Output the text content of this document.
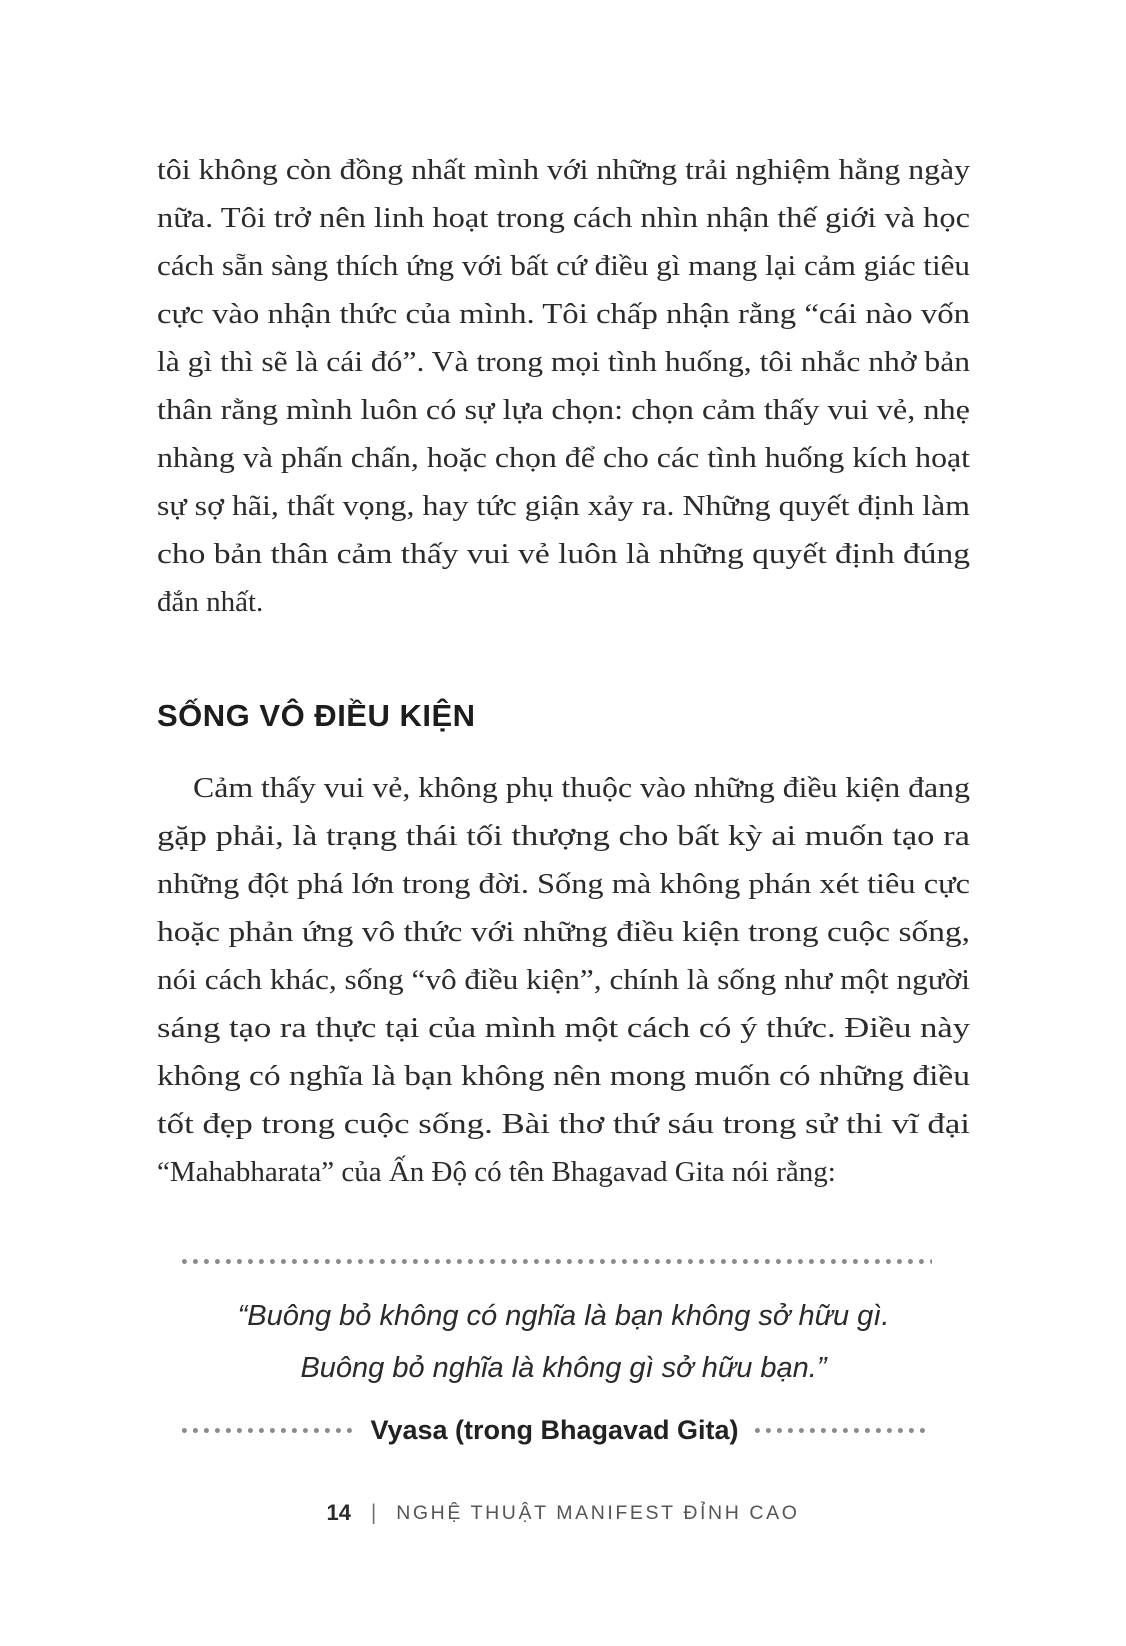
tôi không còn đồng nhất mình với những trải nghiệm hằng ngày
nữa. Tôi trở nên linh hoạt trong cách nhìn nhận thế giới và học
cách sẵn sàng thích ứng với bất cứ điều gì mang lại cảm giác tiêu
cực vào nhận thức của mình. Tôi chấp nhận rằng “cái nào vốn
là gì thì sẽ là cái đó”. Và trong mọi tình huống, tôi nhắc nhở bản
thân rằng mình luôn có sự lựa chọn: chọn cảm thấy vui vẻ, nhẹ
nhàng và phấn chấn, hoặc chọn để cho các tình huống kích hoạt
sự sợ hãi, thất vọng, hay tức giận xảy ra. Những quyết định làm
cho bản thân cảm thấy vui vẻ luôn là những quyết định đúng
đắn nhất.
SỐNG VÔ ĐIỀU KIỆN
Cảm thấy vui vẻ, không phụ thuộc vào những điều kiện đang
gặp phải, là trạng thái tối thượng cho bất kỳ ai muốn tạo ra
những đột phá lớn trong đời. Sống mà không phán xét tiêu cực
hoặc phản ứng vô thức với những điều kiện trong cuộc sống,
nói cách khác, sống “vô điều kiện”, chính là sống như một người
sáng tạo ra thực tại của mình một cách có ý thức. Điều này
không có nghĩa là bạn không nên mong muốn có những điều
tốt đẹp trong cuộc sống. Bài thơ thứ sáu trong sử thi vĩ đại
“Mahabharata” của Ấn Độ có tên Bhagavad Gita nói rằng:

“Buông bỏ không có nghĩa là bạn không sở hữu gì.

Buông bỏ nghĩa là không gì sở hữu bạn.”

Vyasa (trong Bhagavad Gita)
14 | NGHỆ THUẬT MANIFEST ĐỈNH CAO
